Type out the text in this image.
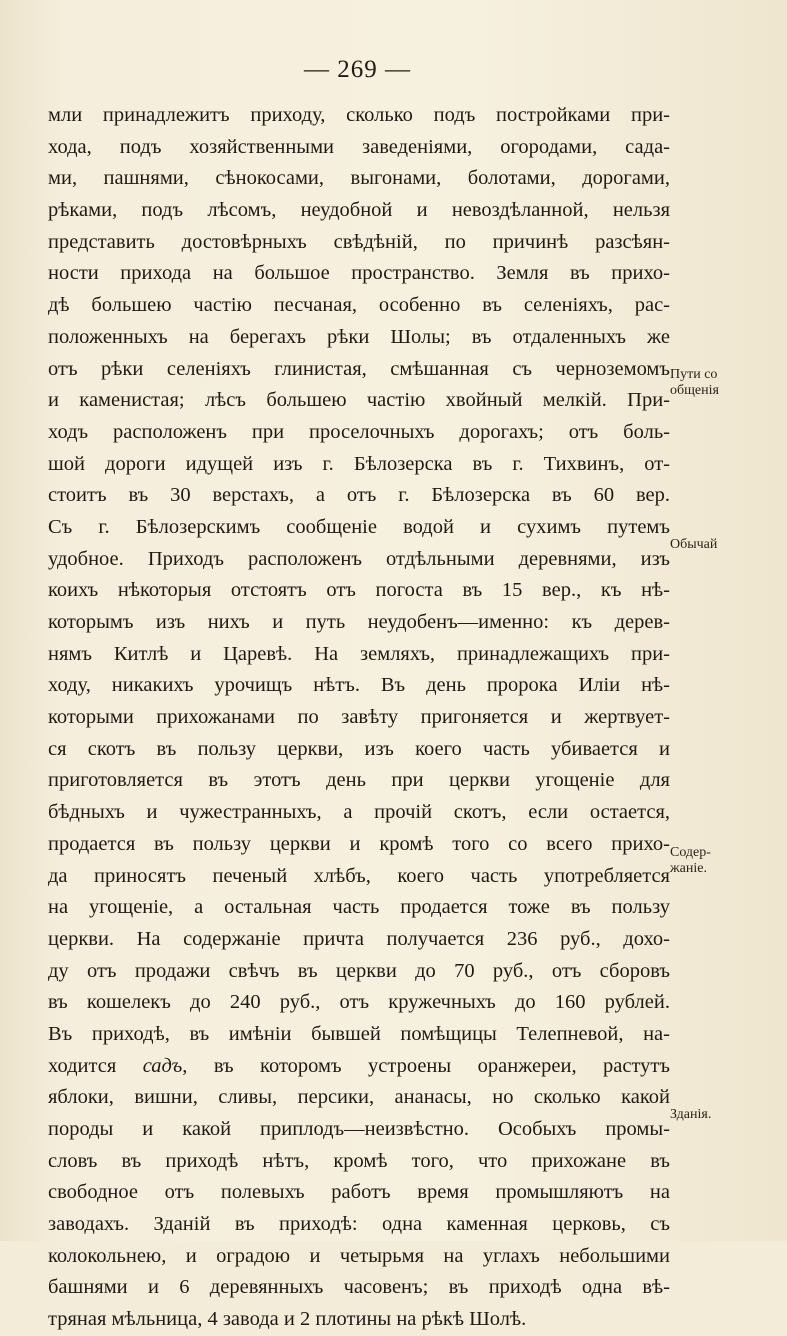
— 269 —
мли принадлежитъ приходу, сколько подъ постройками при-
хода, подъ хозяйственными заведенiями, огородами, сада-
ми, пашнями, сѣнокосами, выгонами, болотами, дорогами,
рѣками, подъ лѣсомъ, неудобной и невоздѣланной, нельзя
представить достовѣрныхъ свѣдѣнiй, по причинѣ разсѣян-
ности прихода на большое пространство. Земля въ прихо-
дѣ большею частiю песчаная, особенно въ селенiяхъ, рас-
положенныхъ на берегахъ рѣки Шолы; въ отдаленныхъ же
отъ рѣки селенiяхъ глинистая, смѣшанная съ черноземомъ
и каменистая; лѣсъ большею частiю хвойный мелкiй. При-
ходъ расположенъ при проселочныхъ дорогахъ; отъ боль-
шой дороги идущей изъ г. Бѣлозерска въ г. Тихвинъ, от-
стоитъ въ 30 верстахъ, а отъ г. Бѣлозерска въ 60 вер.
Съ г. Бѣлозерскимъ сообщенiе водой и сухимъ путемъ
удобное. Приходъ расположенъ отдѣльными деревнями, изъ
коихъ нѣкоторыя отстоятъ отъ погоста въ 15 вер., къ нѣ-
которымъ изъ нихъ и путь неудобенъ—именно: къ дерев-
нямъ Китлѣ и Царевѣ. На земляхъ, принадлежащихъ при-
ходу, никакихъ урочищъ нѣтъ. Въ день пророка Илiи нѣ-
которыми прихожанами по завѣту пригоняется и жертвует-
ся скотъ въ пользу церкви, изъ коего часть убивается и
приготовляется въ этотъ день при церкви угощенiе для
бѣдныхъ и чужестранныхъ, а прочiй скотъ, если остается,
продается въ пользу церкви и кромѣ того со всего прихо-
да приносятъ печеный хлѣбъ, коего часть употребляется
на угощенiе, а остальная часть продается тоже въ пользу
церкви. На содержанiе причта получается 236 руб., дохо-
ду отъ продажи свѣчъ въ церкви до 70 руб., отъ сборовъ
въ кошелекъ до 240 руб., отъ кружечныхъ до 160 рублей.
Въ приходѣ, въ имѣнiи бывшей помѣщицы Телепневой, на-
ходится садъ, въ которомъ устроены оранжереи, растутъ
яблоки, вишни, сливы, персики, ананасы, но сколько какой
породы и какой приплодъ—неизвѣстно. Особыхъ промы-
словъ въ приходѣ нѣтъ, кромѣ того, что прихожане въ
свободное отъ полевыхъ работъ время промышляютъ на
заводахъ. Зданiй въ приходѣ: одна каменная церковь, съ
колокольнею, и оградою и четырьмя на углахъ небольшими
башнями и 6 деревянныхъ часовенъ; въ приходѣ одна вѣ-
тряная мѣльница, 4 завода и 2 плотины на рѣкѣ Шолѣ.
Пути со
общенія
Обычай
Содер-
жаніе.
Зданія.
